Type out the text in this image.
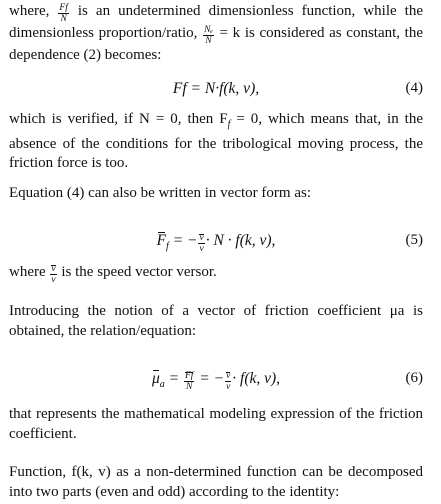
where, $\frac{Ff}{N}$ is an undetermined dimensionless function, while the dimensionless proportion/ratio, $\frac{\text{Nₑ}}{N} = k$ is considered as constant, the dependence (2) becomes:

Ff = N·f(k, v),	(4)

which is verified, if N = 0, then $F_f = 0$, which means that, in the absence of the conditions for the tribological moving process, the friction force is too.

Equation (4) can also be written in vector form as:

$F_f$ = − $\frac{v}{v} \cdot N \cdot f(k$, v),	(5)

where $\frac{v}{v}$ is the speed vector versor.

Introducing the notion of a vector of friction coefficient μa is obtained, the relation/equation:

$\mu_a = \frac{Ff}{N}$ = − $\frac{v}{v} \cdot f(k$, v),	(6)

that represents the mathematical modeling expression of the friction coefficient.

Function, f(k, v) as a non-determined function can be decomposed into two parts (even and odd) according to the identity:
